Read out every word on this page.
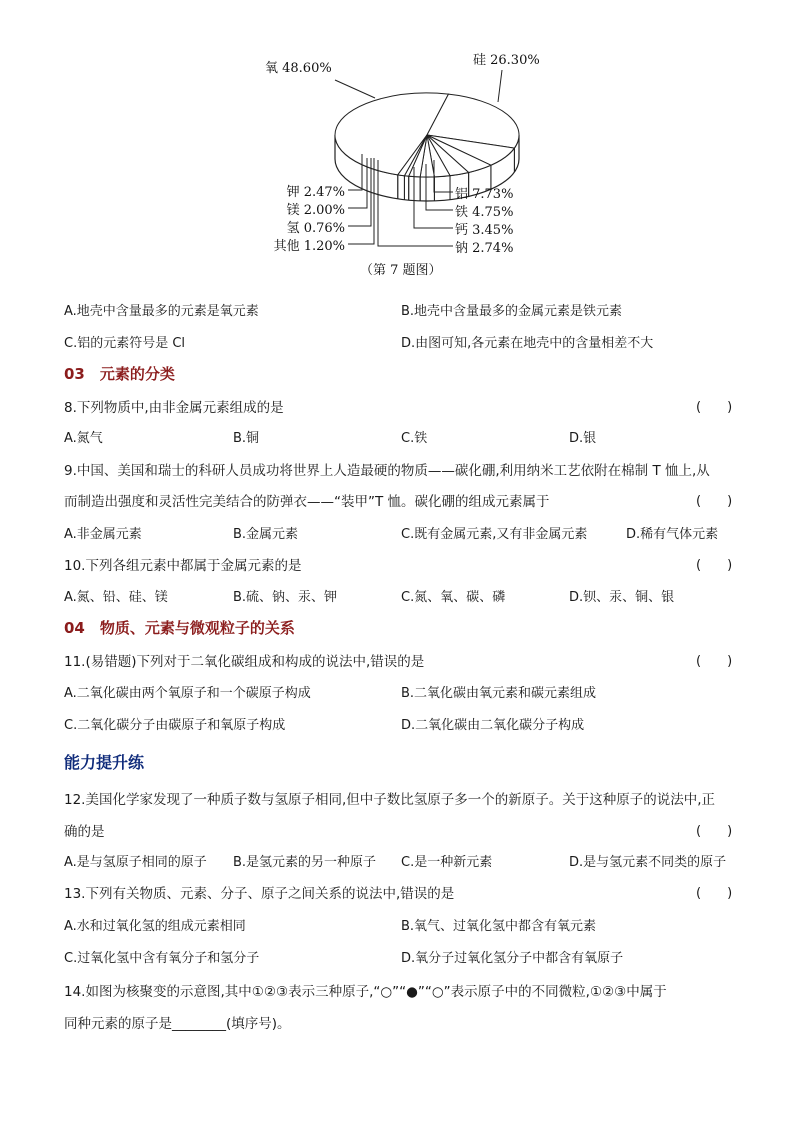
氧 48.60%
硅 26.30%
铝 7.73%
铁 4.75%
钙 3.45%
钠 2.74%
钾 2.47%
镁 2.00%
氢 0.76%
其他 1.20%
（第 7 题图）
A.地壳中含量最多的元素是氧元素	B.地壳中含量最多的金属元素是铁元素
C.铝的元素符号是 Cl	D.由图可知,各元素在地壳中的含量相差不大
03　元素的分类
8.下列物质中,由非金属元素组成的是	(　　)
A.氮气	B.铜	C.铁	D.银
9.中国、美国和瑞士的科研人员成功将世界上人造最硬的物质——碳化硼,利用纳米工艺依附在棉制 T 恤上,从
而制造出强度和灵活性完美结合的防弹衣——“装甲”T 恤。碳化硼的组成元素属于	(　　)
A.非金属元素	B.金属元素	C.既有金属元素,又有非金属元素	D.稀有气体元素
10.下列各组元素中都属于金属元素的是	(　　)
A.氮、铅、硅、镁	B.硫、钠、汞、钾	C.氮、氧、碳、磷	D.钡、汞、铜、银
04　物质、元素与微观粒子的关系
11.(易错题)下列对于二氧化碳组成和构成的说法中,错误的是	(　　)
A.二氧化碳由两个氧原子和一个碳原子构成	B.二氧化碳由氧元素和碳元素组成
C.二氧化碳分子由碳原子和氧原子构成	D.二氧化碳由二氧化碳分子构成
能力提升练
12.美国化学家发现了一种质子数与氢原子相同,但中子数比氢原子多一个的新原子。关于这种原子的说法中,正
确的是	(　　)
A.是与氢原子相同的原子 B.是氢元素的另一种原子 C.是一种新元素	D.是与氢元素不同类的原子
13.下列有关物质、元素、分子、原子之间关系的说法中,错误的是	(　　)
A.水和过氧化氢的组成元素相同	B.氧气、过氧化氢中都含有氧元素
C.过氧化氢中含有氧分子和氢分子	D.氧分子过氧化氢分子中都含有氧原子
14.如图为核聚变的示意图,其中①②③表示三种原子,“○”“●”“○”表示原子中的不同微粒,①②③中属于
同种元素的原子是________(填序号)。
